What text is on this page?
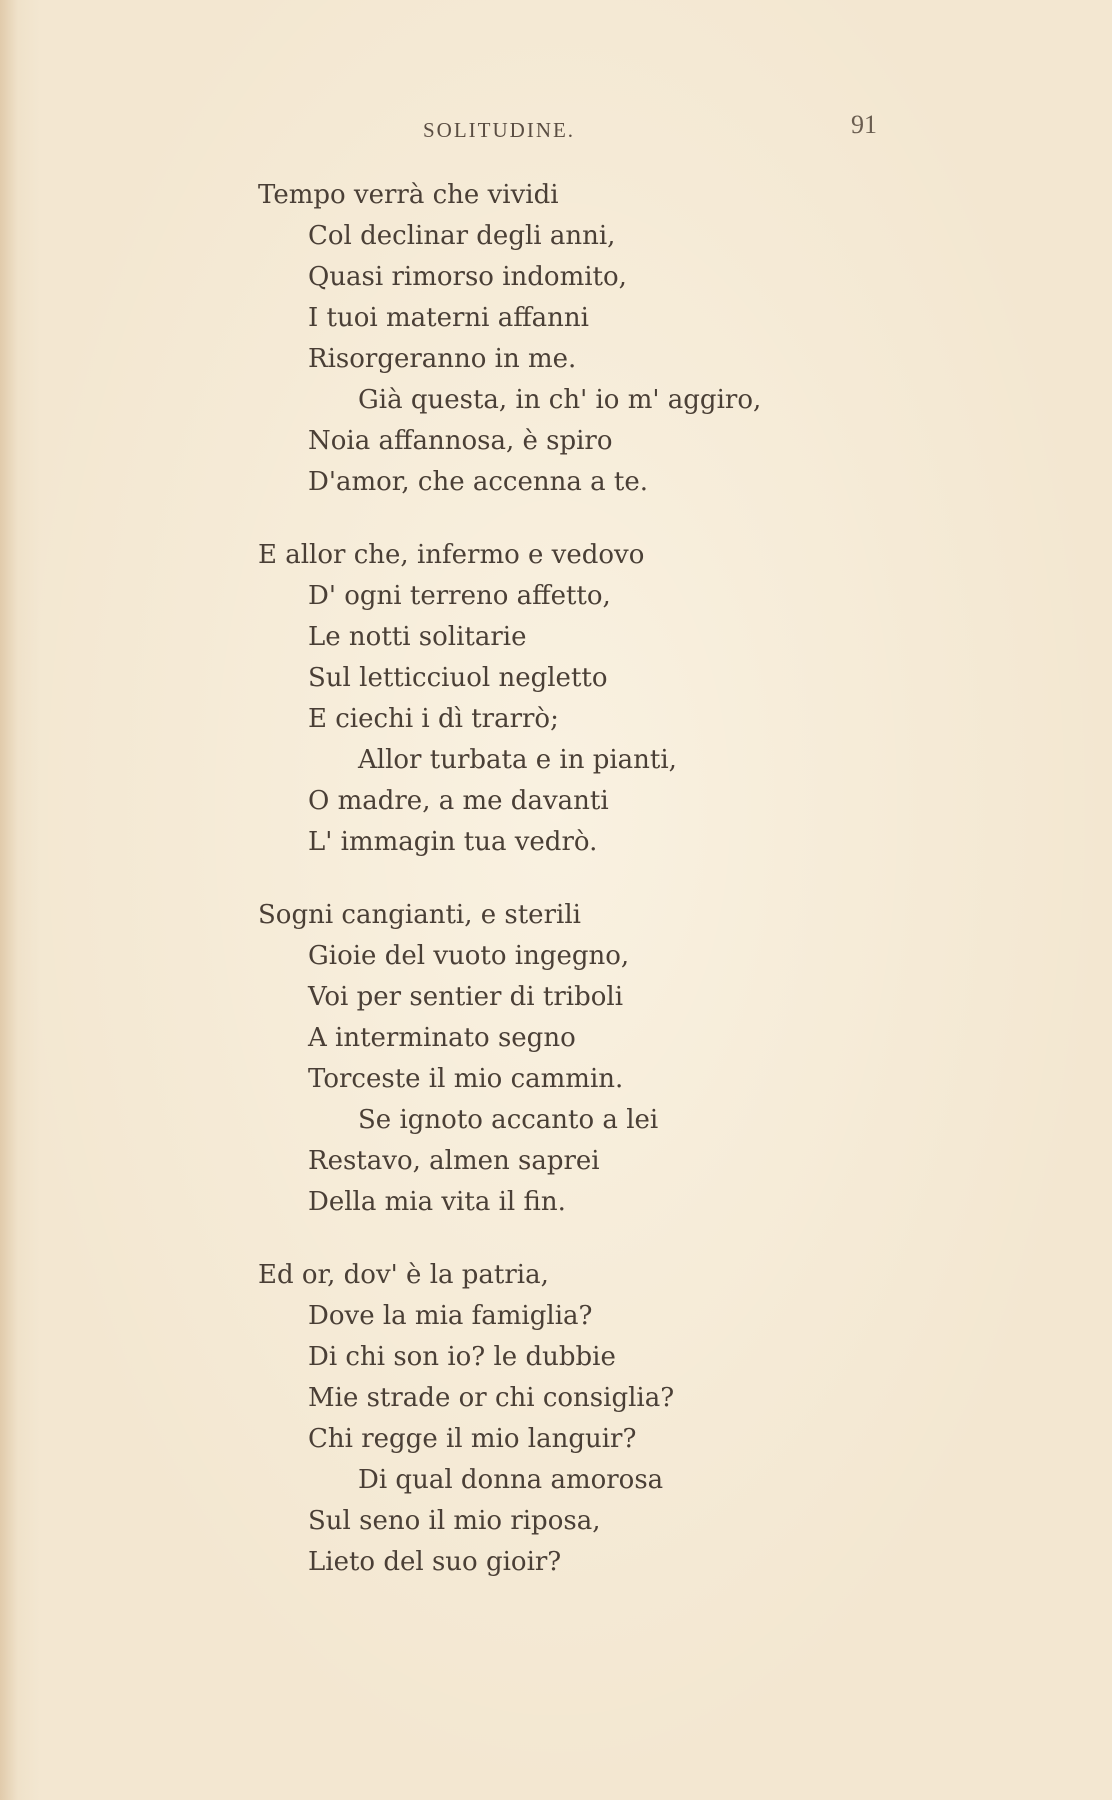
SOLITUDINE.	91
Tempo verrà che vividi
Col declinar degli anni,
Quasi rimorso indomito,
I tuoi materni affanni
Risorgeranno in me.
Già questa, in ch' io m' aggiro,
Noia affannosa, è spiro
D'amor, che accenna a te.
E allor che, infermo e vedovo
D' ogni terreno affetto,
Le notti solitarie
Sul letticciuol negletto
E ciechi i dì trarrò;
Allor turbata e in pianti,
O madre, a me davanti
L' immagin tua vedrò.
Sogni cangianti, e sterili
Gioie del vuoto ingegno,
Voi per sentier di triboli
A interminato segno
Torceste il mio cammin.
Se ignoto accanto a lei
Restavo, almen saprei
Della mia vita il fin.
Ed or, dov' è la patria,
Dove la mia famiglia?
Di chi son io? le dubbie
Mie strade or chi consiglia?
Chi regge il mio languir?
Di qual donna amorosa
Sul seno il mio riposa,
Lieto del suo gioir?
